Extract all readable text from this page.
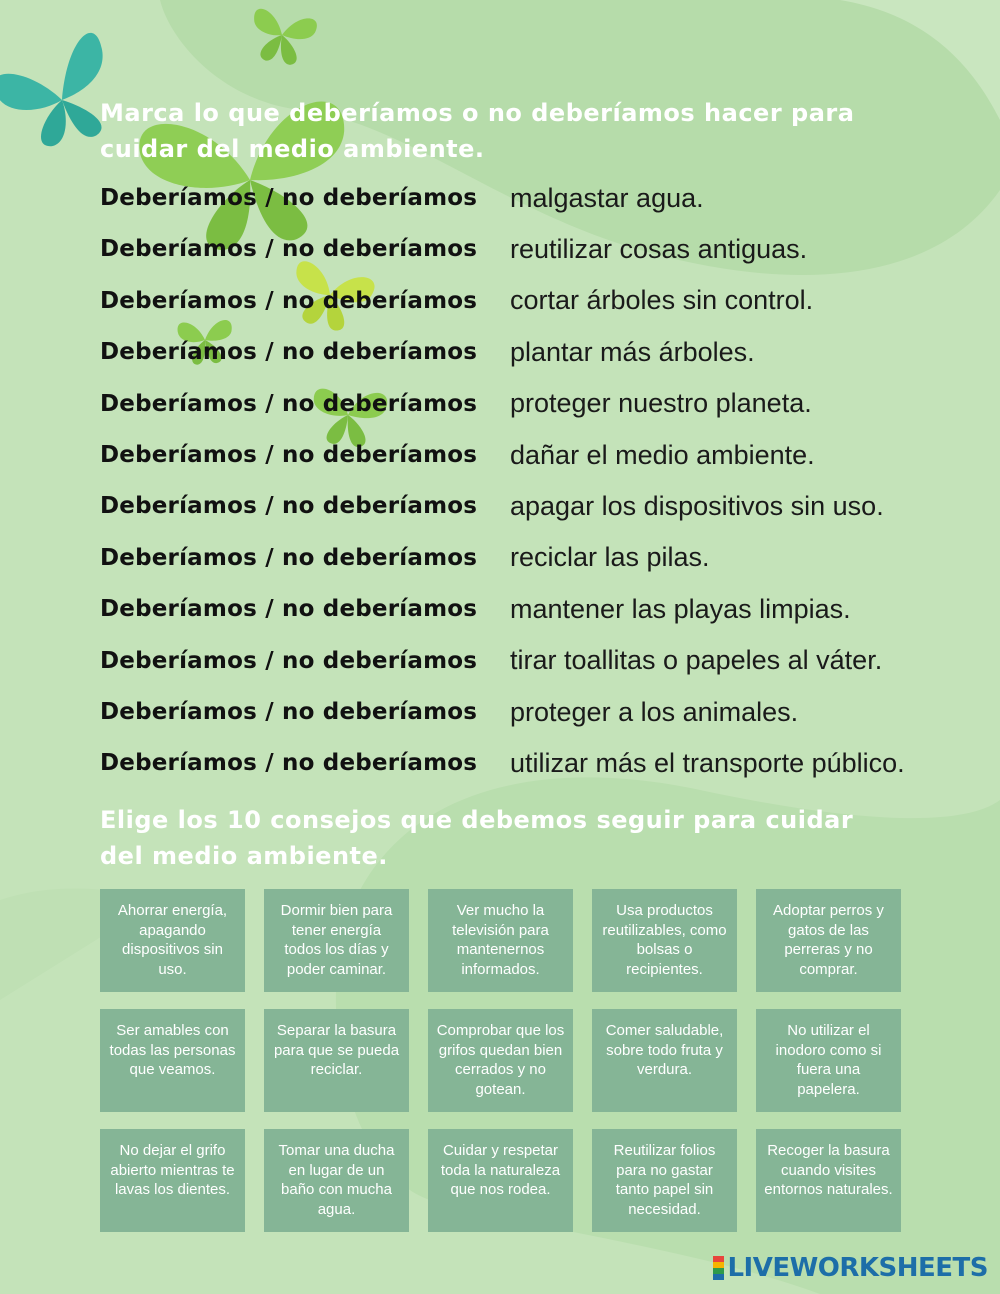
Marca lo que deberíamos o no deberíamos hacer para cuidar del medio ambiente.
Deberíamos / no deberíamos	malgastar agua.
Deberíamos / no deberíamos	reutilizar cosas antiguas.
Deberíamos / no deberíamos	cortar árboles sin control.
Deberíamos / no deberíamos	plantar más árboles.
Deberíamos / no deberíamos	proteger nuestro planeta.
Deberíamos / no deberíamos	dañar el medio ambiente.
Deberíamos / no deberíamos	apagar los dispositivos sin uso.
Deberíamos / no deberíamos	reciclar las pilas.
Deberíamos / no deberíamos	mantener las playas limpias.
Deberíamos / no deberíamos	tirar toallitas o papeles al váter.
Deberíamos / no deberíamos	proteger a los animales.
Deberíamos / no deberíamos	utilizar más el transporte público.
Elige los 10 consejos que debemos seguir para cuidar del medio ambiente.
Ahorrar energía, apagando dispositivos sin uso.
Dormir bien para tener energía todos los días y poder caminar.
Ver mucho la televisión para mantenernos informados.
Usa productos reutilizables, como bolsas o recipientes.
Adoptar perros y gatos de las perreras y no comprar.
Ser amables con todas las personas que veamos.
Separar la basura para que se pueda reciclar.
Comprobar que los grifos quedan bien cerrados y no gotean.
Comer saludable, sobre todo fruta y verdura.
No utilizar el inodoro como si fuera una papelera.
No dejar el grifo abierto mientras te lavas los dientes.
Tomar una ducha en lugar de un baño con mucha agua.
Cuidar y respetar toda la naturaleza que nos rodea.
Reutilizar folios para no gastar tanto papel sin necesidad.
Recoger la basura cuando visites entornos naturales.
LIVEWORKSHEETS
